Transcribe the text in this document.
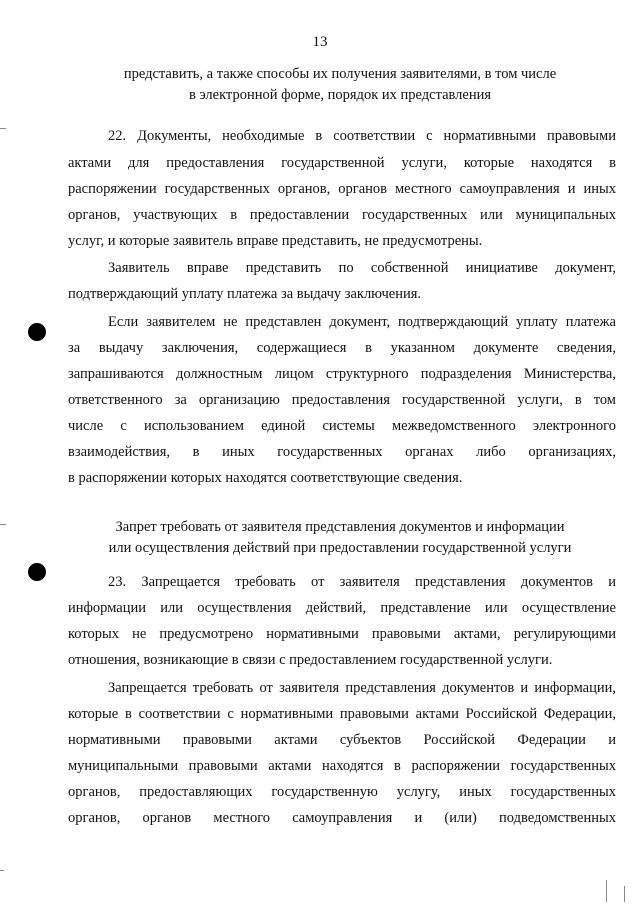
13
представить, а также способы их получения заявителями, в том числе
в электронной форме, порядок их представления
22. Документы, необходимые в соответствии с нормативными правовыми
актами для предоставления государственной услуги, которые находятся в
распоряжении государственных органов, органов местного самоуправления и иных
органов, участвующих в предоставлении государственных или муниципальных
услуг, и которые заявитель вправе представить, не предусмотрены.
Заявитель вправе представить по собственной инициативе документ,
подтверждающий уплату платежа за выдачу заключения.
Если заявителем не представлен документ, подтверждающий уплату платежа
за выдачу заключения, содержащиеся в указанном документе сведения,
запрашиваются должностным лицом структурного подразделения Министерства,
ответственного за организацию предоставления государственной услуги, в том
числе с использованием единой системы межведомственного электронного
взаимодействия, в иных государственных органах либо организациях,
в распоряжении которых находятся соответствующие сведения.
Запрет требовать от заявителя представления документов и информации
или осуществления действий при предоставлении государственной услуги
23. Запрещается требовать от заявителя представления документов и
информации или осуществления действий, представление или осуществление
которых не предусмотрено нормативными правовыми актами, регулирующими
отношения, возникающие в связи с предоставлением государственной услуги.
Запрещается требовать от заявителя представления документов и информации,
которые в соответствии с нормативными правовыми актами Российской Федерации,
нормативными правовыми актами субъектов Российской Федерации и
муниципальными правовыми актами находятся в распоряжении государственных
органов, предоставляющих государственную услугу, иных государственных
органов, органов местного самоуправления и (или) подведомственных
